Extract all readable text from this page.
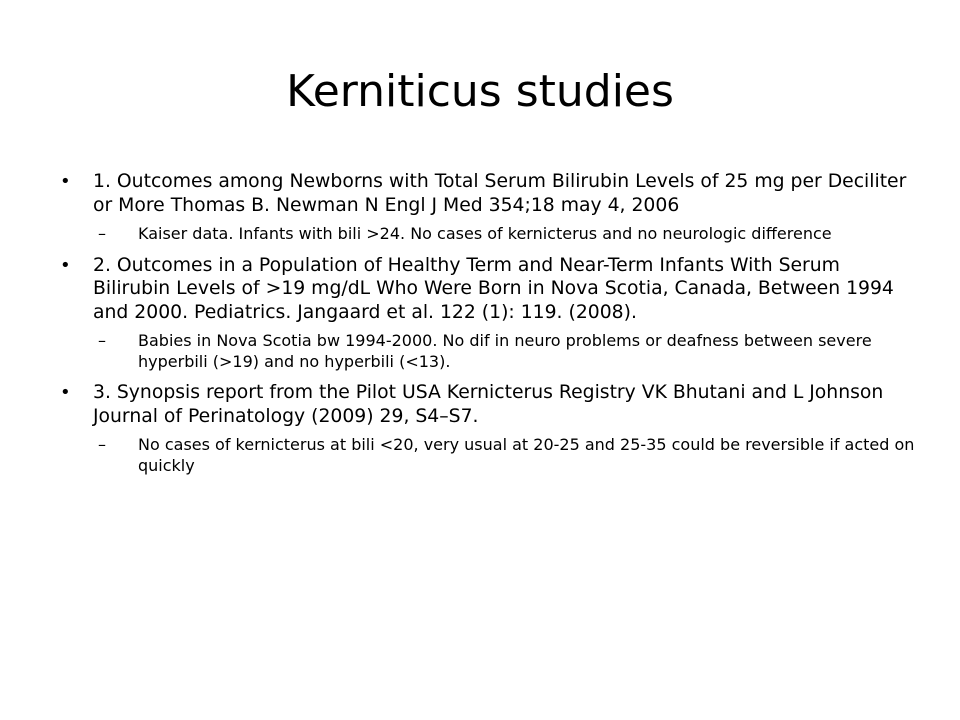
Kerniticus studies
• 1. Outcomes among Newborns with Total Serum Bilirubin Levels of 25 mg per Deciliter or More Thomas B. Newman N Engl J Med 354;18 may 4, 2006
– Kaiser data. Infants with bili >24. No cases of kernicterus and no neurologic difference
• 2. Outcomes in a Population of Healthy Term and Near-Term Infants With Serum Bilirubin Levels of >19 mg/dL Who Were Born in Nova Scotia, Canada, Between 1994 and 2000. Pediatrics. Jangaard et al. 122 (1): 119. (2008).
– Babies in Nova Scotia bw 1994-2000. No dif in neuro problems or deafness between severe hyperbili (>19) and no hyperbili (<13).
• 3. Synopsis report from the Pilot USA Kernicterus Registry VK Bhutani and L Johnson Journal of Perinatology (2009) 29, S4–S7.
– No cases of kernicterus at bili <20, very usual at 20-25 and 25-35 could be reversible if acted on quickly
